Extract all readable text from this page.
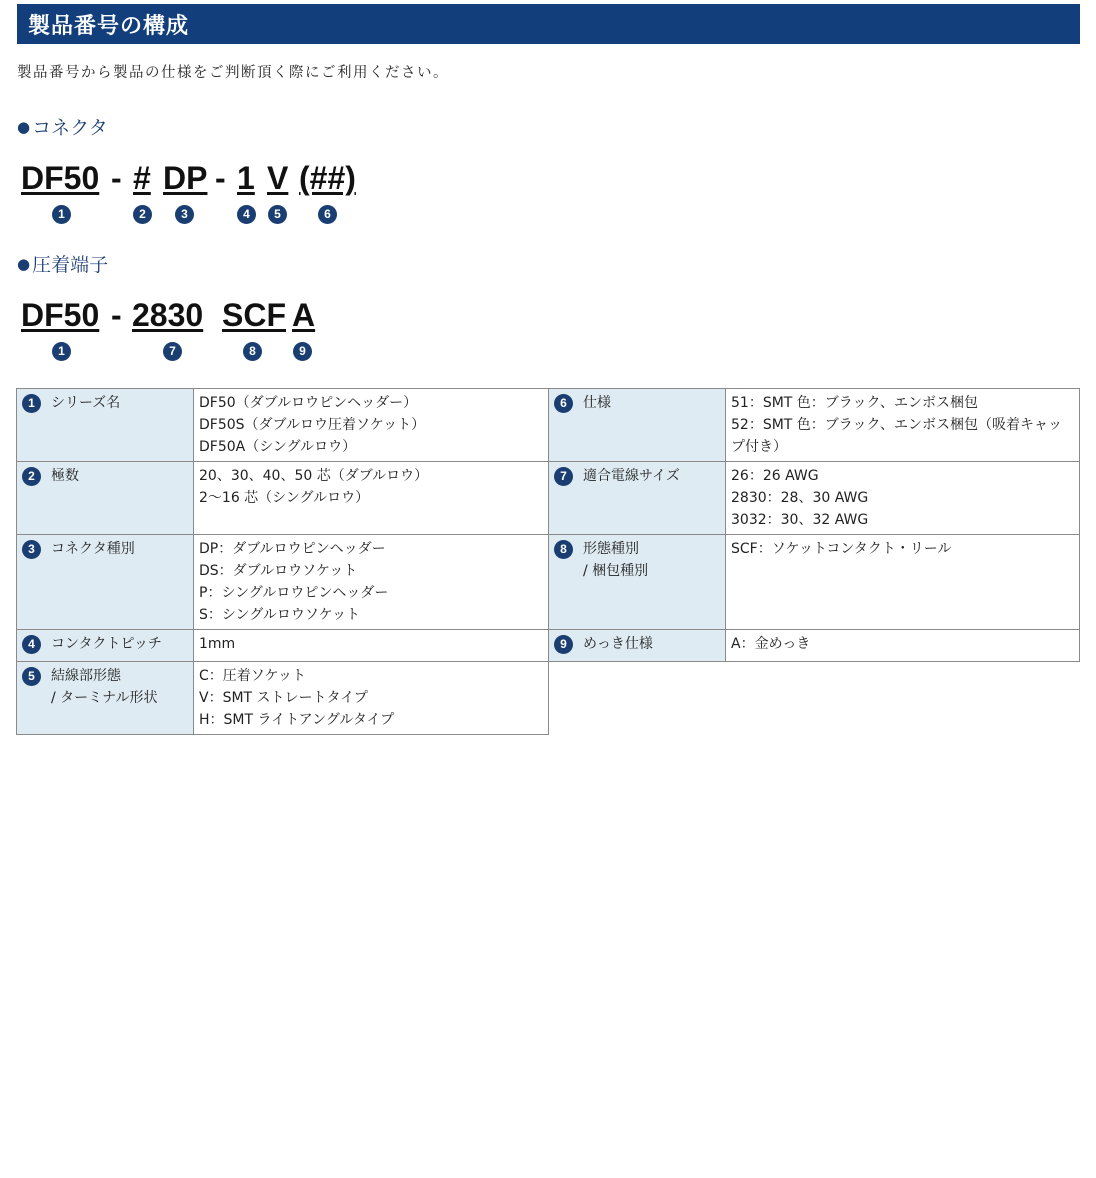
製品番号の構成
製品番号から製品の仕様をご判断頂く際にご利用ください。
● コネクタ
DF50 - # DP - 1 V (##)
1	2	3	4	5	6
● 圧着端子
DF50 - 2830 SCF A
1	7	8	9
1 シリーズ名	DF50（ダブルロウピンヘッダー）
DF50S（ダブルロウ圧着ソケット）
DF50A（シングルロウ）	6 仕様	51：SMT 色：ブラック、エンボス梱包
52：SMT 色：ブラック、エンボス梱包（吸着キャップ付き）

2 極数	20、30、40、50 芯（ダブルロウ）
2～16 芯（シングルロウ）	7 適合電線サイズ	26：26 AWG
2830：28、30 AWG
3032：30、32 AWG

3 コネクタ種別	DP：ダブルロウピンヘッダー
DS：ダブルロウソケット
P：シングルロウピンヘッダー
S：シングルロウソケット	8 形態種別
/ 梱包種別	SCF：ソケットコンタクト・リール

4 コンタクトピッチ	1mm	9 めっき仕様	A：金めっき

5 結線部形態
/ ターミナル形状	C：圧着ソケット
V：SMT ストレートタイプ
H：SMT ライトアングルタイプ		
